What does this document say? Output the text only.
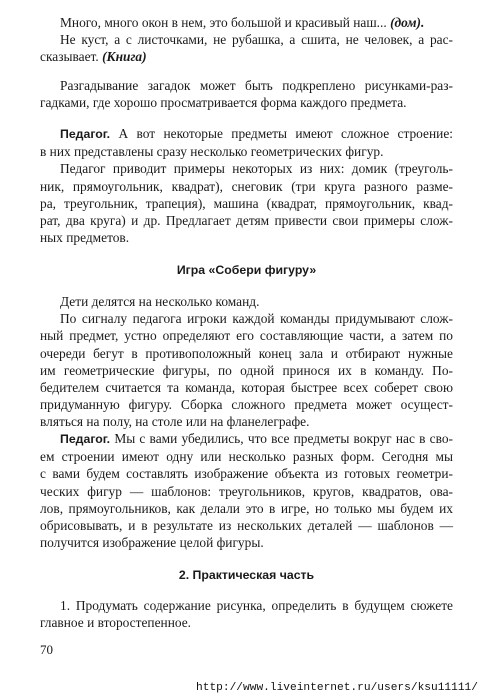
Много, много окон в нем, это большой и красивый наш... (дом).
Не куст, а с листочками, не рубашка, а сшита, не человек, а рас-
сказывает. (Книга)

Разгадывание загадок может быть подкреплено рисунками-раз-
гадками, где хорошо просматривается форма каждого предмета.

Педагог. А вот некоторые предметы имеют сложное строение:
в них представлены сразу несколько геометрических фигур.
Педагог приводит примеры некоторых из них: домик (треуголь-
ник, прямоугольник, квадрат), снеговик (три круга разного разме-
ра, треугольник, трапеция), машина (квадрат, прямоугольник, квад-
рат, два круга) и др. Предлагает детям привести свои примеры слож-
ных предметов.

Игра «Собери фигуру»

Дети делятся на несколько команд.
По сигналу педагога игроки каждой команды придумывают слож-
ный предмет, устно определяют его составляющие части, а затем по
очереди бегут в противоположный конец зала и отбирают нужные
им геометрические фигуры, по одной принося их в команду. По-
бедителем считается та команда, которая быстрее всех соберет свою
придуманную фигуру. Сборка сложного предмета может осущест-
вляться на полу, на столе или на фланелеграфе.

Педагог. Мы с вами убедились, что все предметы вокруг нас в сво-
ем строении имеют одну или несколько разных форм. Сегодня мы
с вами будем составлять изображение объекта из готовых геометри-
ческих фигур — шаблонов: треугольников, кругов, квадратов, ова-
лов, прямоугольников, как делали это в игре, но только мы будем их
обрисовывать, и в результате из нескольких деталей — шаблонов —
получится изображение целой фигуры.

2. Практическая часть

1. Продумать содержание рисунка, определить в будущем сюжете
главное и второстепенное.

70
http://www.liveinternet.ru/users/ksu11111/
